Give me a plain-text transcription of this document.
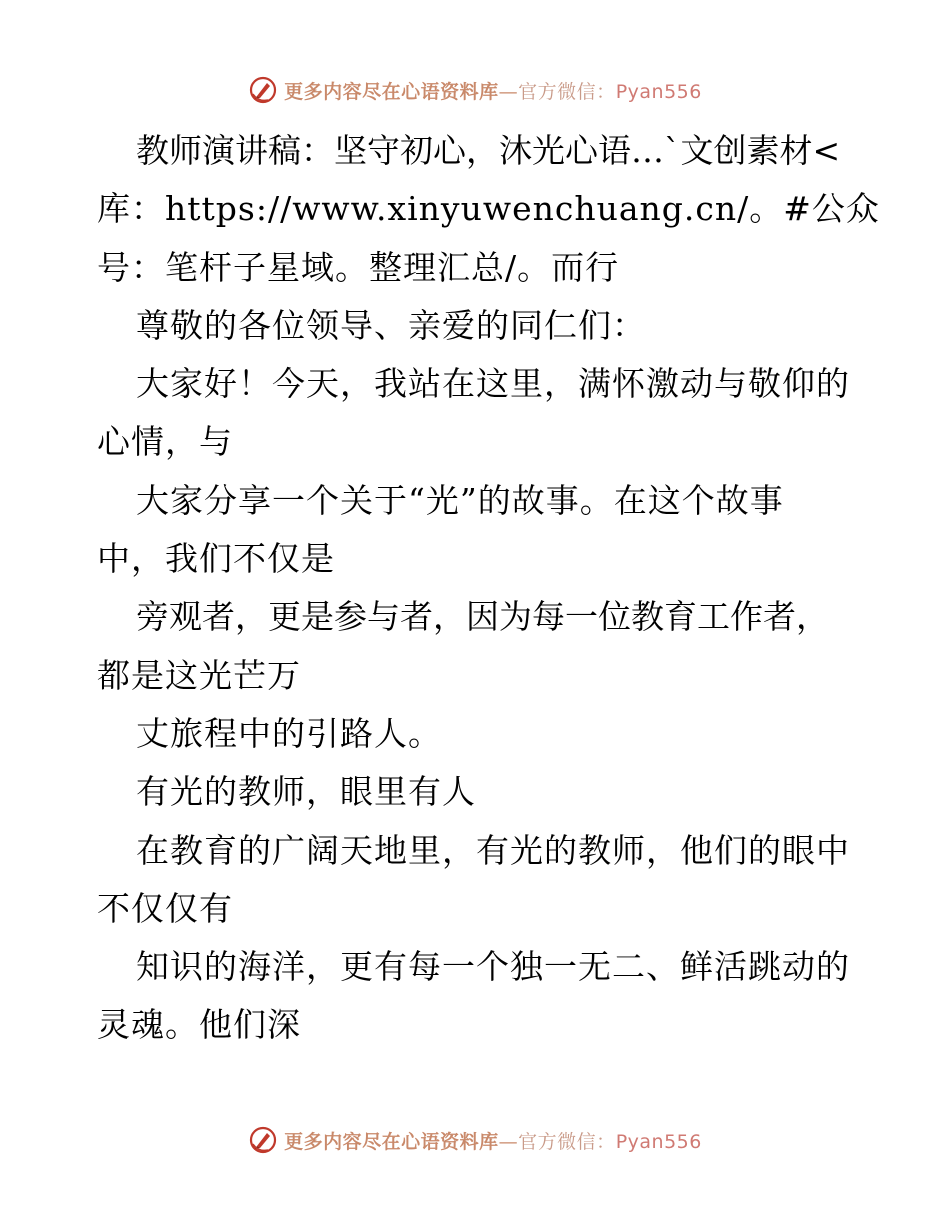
更多内容尽在心语资料库—官方微信：Pyan556
教师演讲稿：坚守初心，沐光心语…`文创素材<
库：https://www.xinyuwenchuang.cn/。#公众
号：笔杆子星域。整理汇总/。而行
尊敬的各位领导、亲爱的同仁们：
大家好！今天，我站在这里，满怀激动与敬仰的
心情，与
大家分享一个关于“光”的故事。在这个故事
中，我们不仅是
旁观者，更是参与者，因为每一位教育工作者，
都是这光芒万
丈旅程中的引路人。
有光的教师，眼里有人
在教育的广阔天地里，有光的教师，他们的眼中
不仅仅有
知识的海洋，更有每一个独一无二、鲜活跳动的
灵魂。他们深
更多内容尽在心语资料库—官方微信：Pyan556
